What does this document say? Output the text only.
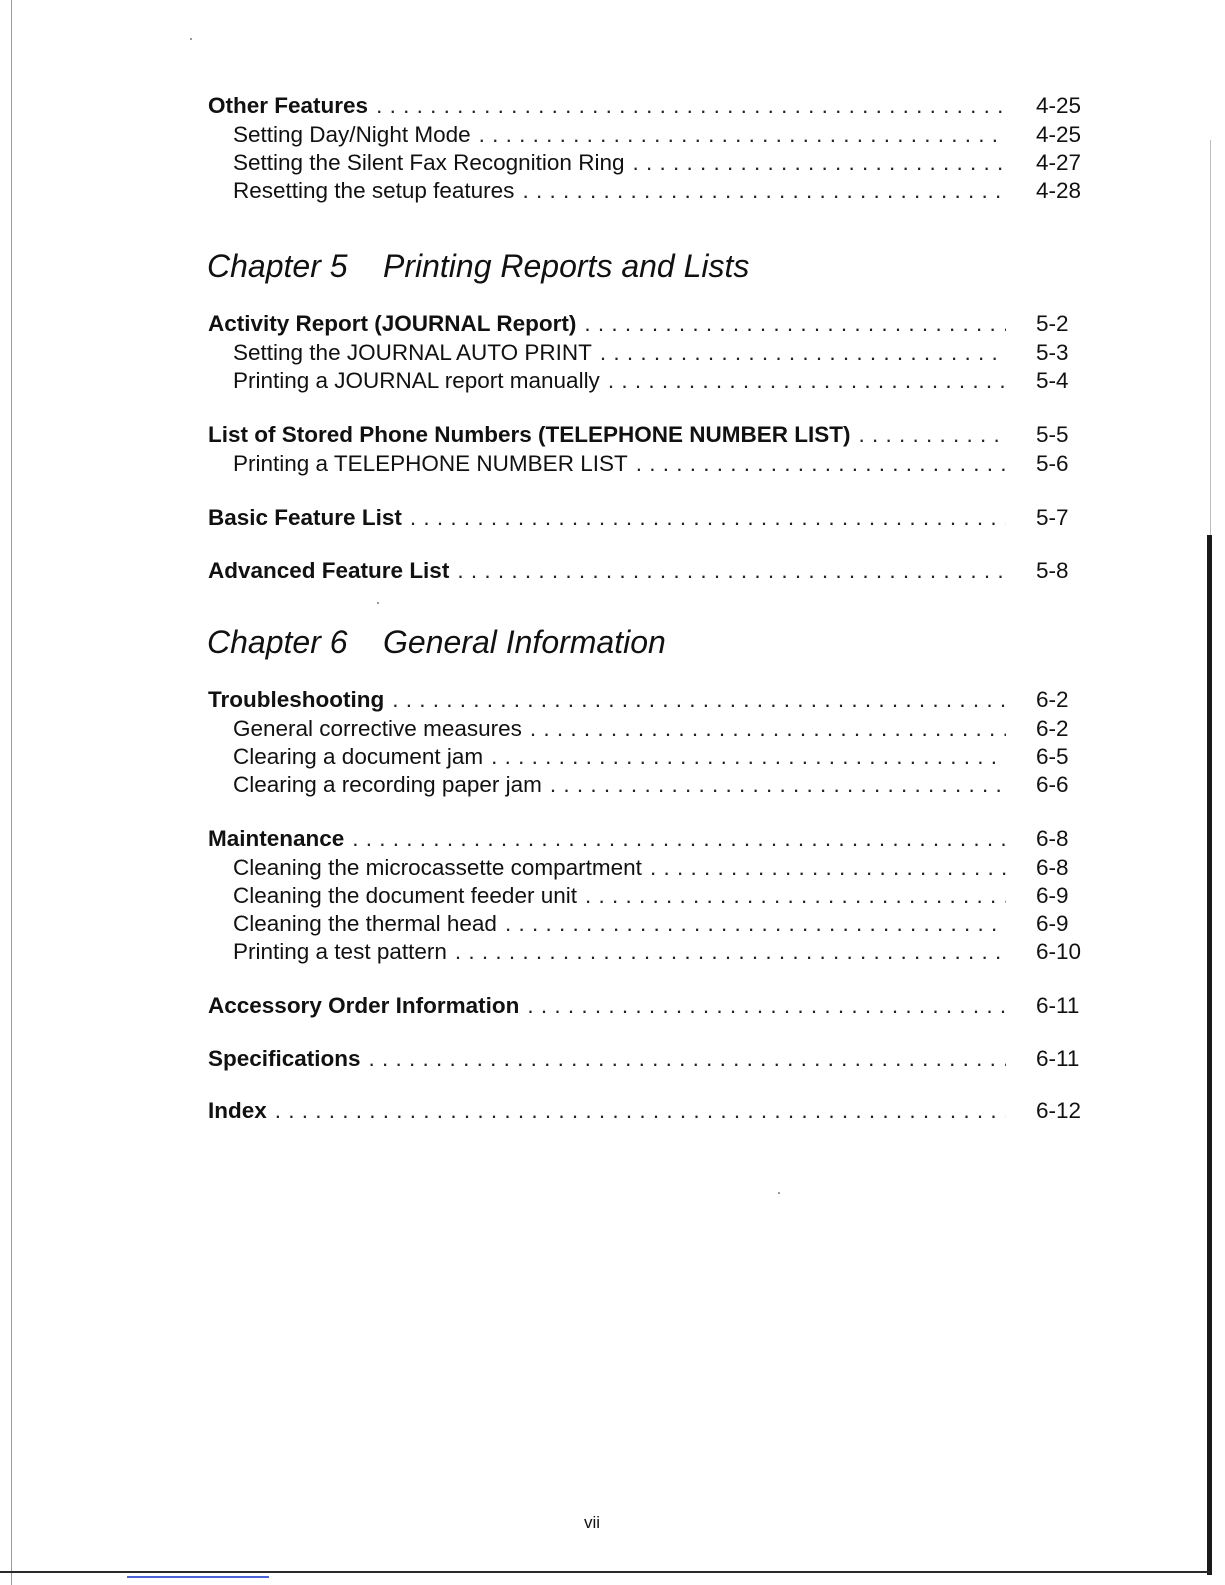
Other Features . . .	4-25
Setting Day/Night Mode . . .	4-25
Setting the Silent Fax Recognition Ring . . .	4-27
Resetting the setup features . . .	4-28
Chapter 5 Printing Reports and Lists
Activity Report (JOURNAL Report) . . .	5-2
Setting the JOURNAL AUTO PRINT . . .	5-3
Printing a JOURNAL report manually . . .	5-4
List of Stored Phone Numbers (TELEPHONE NUMBER LIST) . . .	5-5
Printing a TELEPHONE NUMBER LIST . . .	5-6
Basic Feature List . . .	5-7
Advanced Feature List . . .	5-8
Chapter 6 General Information
Troubleshooting . . .	6-2
General corrective measures . . .	6-2
Clearing a document jam . . .	6-5
Clearing a recording paper jam . . .	6-6
Maintenance . . .	6-8
Cleaning the microcassette compartment . . .	6-8
Cleaning the document feeder unit . . .	6-9
Cleaning the thermal head . . .	6-9
Printing a test pattern . . .	6-10
Accessory Order Information . . .	6-11
Specifications . . .	6-11
Index . . .	6-12
vii
